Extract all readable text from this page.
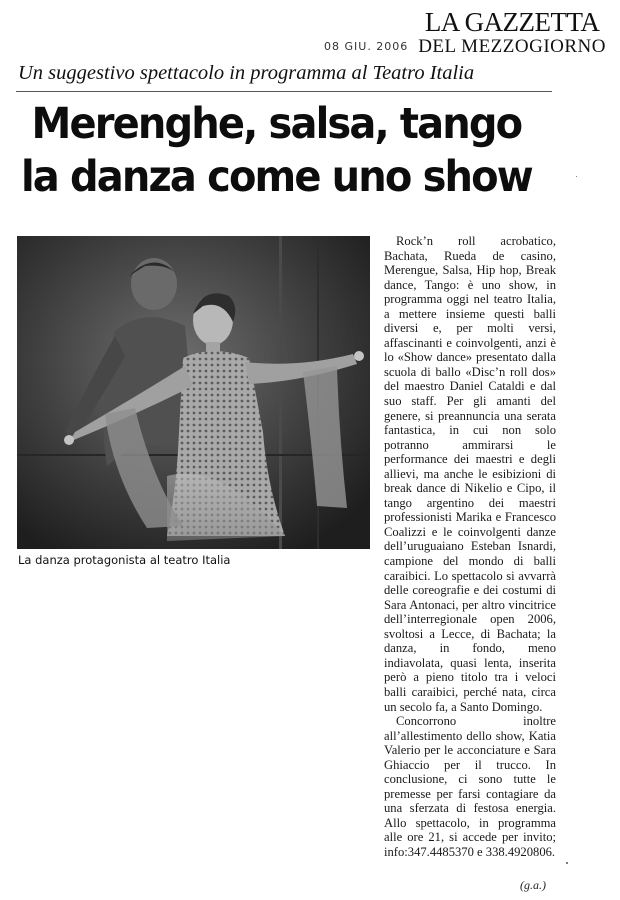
08 GIU. 2006
LA GAZZETTA
DEL MEZZOGIORNO
Un suggestivo spettacolo in programma al Teatro Italia
Merenghe, salsa, tango
la danza come uno show
La danza protagonista al teatro Italia

Rock’n roll acrobatico, Bachata, Rueda de casino, Merengue, Salsa, Hip hop, Break dance, Tango: è uno show, in programma oggi nel teatro Italia, a mettere insieme questi balli diversi e, per molti versi, affascinanti e coinvolgenti, anzi è lo «Show dance» presentato dalla scuola di ballo «Disc’n roll dos» del maestro Daniel Cataldi e dal suo staff. Per gli amanti del genere, si preannuncia una serata fantastica, in cui non solo potranno ammirarsi le performance dei maestri e degli allievi, ma anche le esibizioni di break dance di Nikelio e Cipo, il tango argentino dei maestri professionisti Marika e Francesco Coalizzi e le coinvolgenti danze dell’uruguaiano Esteban Isnardi, campione del mondo di balli caraibici. Lo spettacolo si avvarrà delle coreografie e dei costumi di Sara Antonaci, per altro vincitrice dell’interregionale open 2006, svoltosi a Lecce, di Bachata; la danza, in fondo, meno indiavolata, quasi lenta, inserita però a pieno titolo tra i veloci balli caraibici, perché nata, circa un secolo fa, a Santo Domingo.

Concorrono inoltre all’allestimento dello show, Katia Valerio per le acconciature e Sara Ghiaccio per il trucco. In conclusione, ci sono tutte le premesse per farsi contagiare da una sferzata di festosa energia. Allo spettacolo, in programma alle ore 21, si accede per invito; info:347.4485370 e 338.4920806.

(g.a.)
